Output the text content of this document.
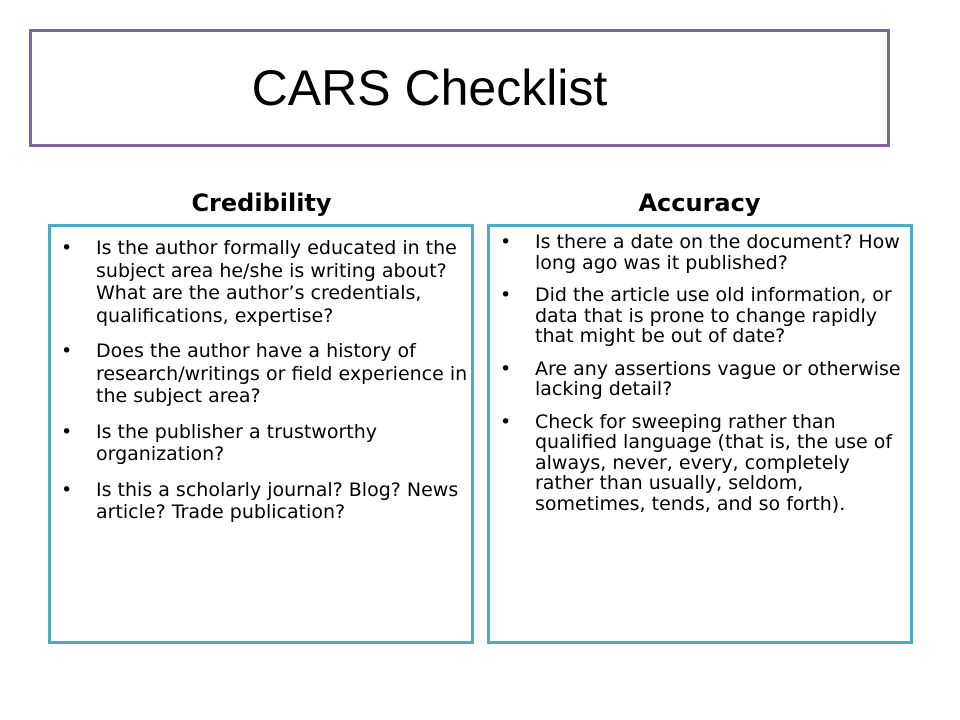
CARS Checklist
Credibility	Accuracy
• Is the author formally educated in the subject area he/she is writing about? What are the author’s credentials, qualifications, expertise?
• Does the author have a history of research/writings or field experience in the subject area?
• Is the publisher a trustworthy organization?
• Is this a scholarly journal? Blog? News article? Trade publication?
• Is there a date on the document? How long ago was it published?
• Did the article use old information, or data that is prone to change rapidly that might be out of date?
• Are any assertions vague or otherwise lacking detail?
• Check for sweeping rather than qualified language (that is, the use of always, never, every, completely rather than usually, seldom, sometimes, tends, and so forth).
